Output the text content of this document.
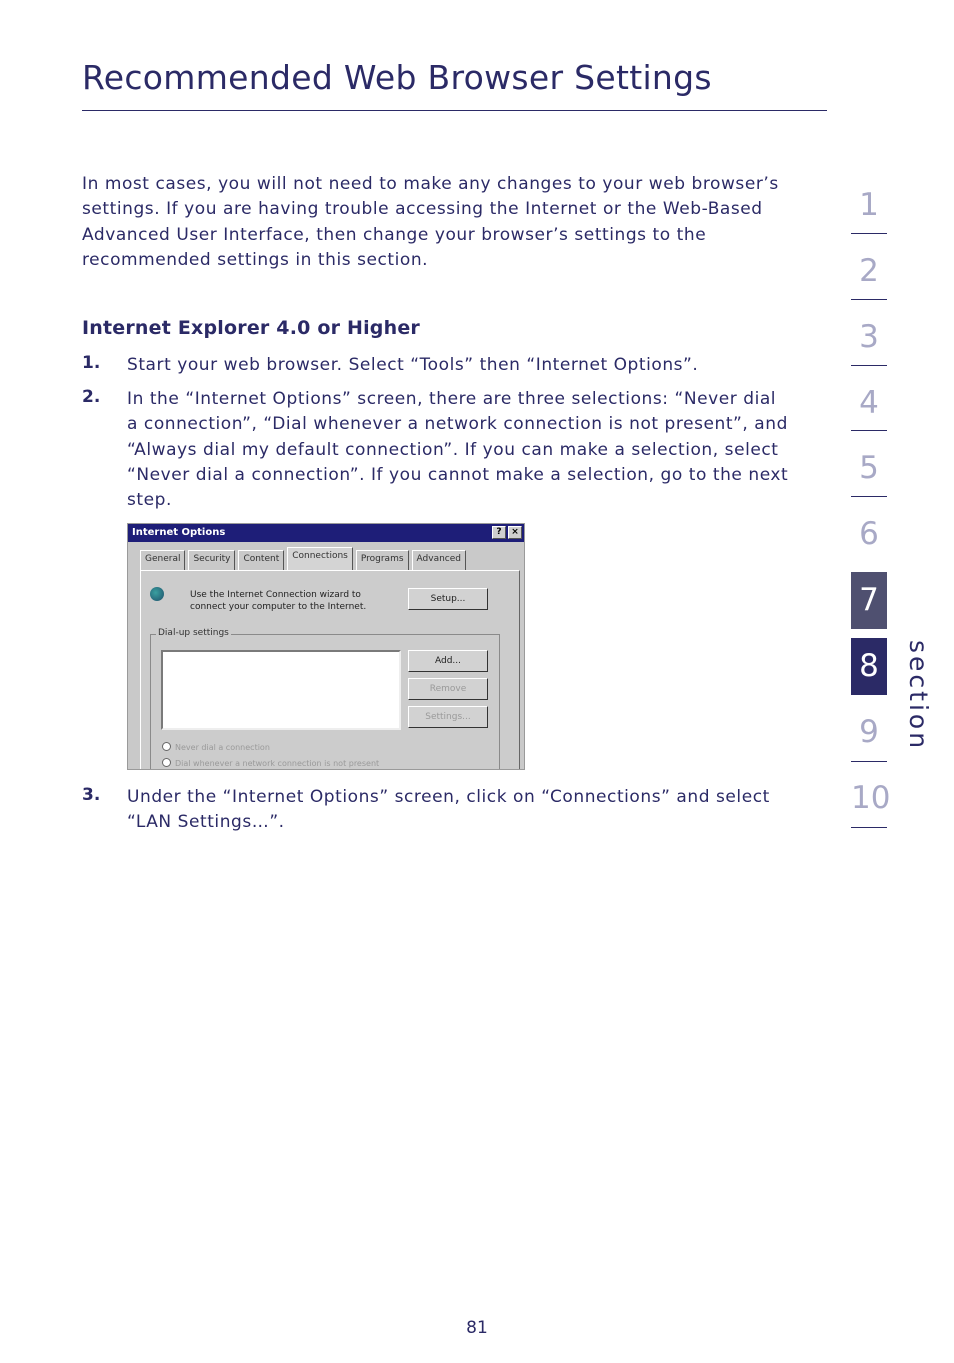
Recommended Web Browser Settings

In most cases, you will not need to make any changes to your web browser’s settings. If you are having trouble accessing the Internet or the Web-Based Advanced User Interface, then change your browser’s settings to the recommended settings in this section.

Internet Explorer 4.0 or Higher
1. Start your web browser. Select “Tools” then “Internet Options”.

2. In the “Internet Options” screen, there are three selections: “Never dial a connection”, “Dial whenever a network connection is not present”, and “Always dial my default connection”. If you can make a selection, select “Never dial a connection”. If you cannot make a selection, go to the next step.

Internet Options	?	×
General	Security	Content	Connections	Programs	Advanced
Use the Internet Connection wizard to connect your computer to the Internet.
Setup...
Dial-up settings
Add...
Remove
Settings...
Never dial a connection
Dial whenever a network connection is not present
3. Under the “Internet Options” screen, click on “Connections” and select “LAN Settings…”.

1
2
3
4
5
6
7
8
9
10
section
81
